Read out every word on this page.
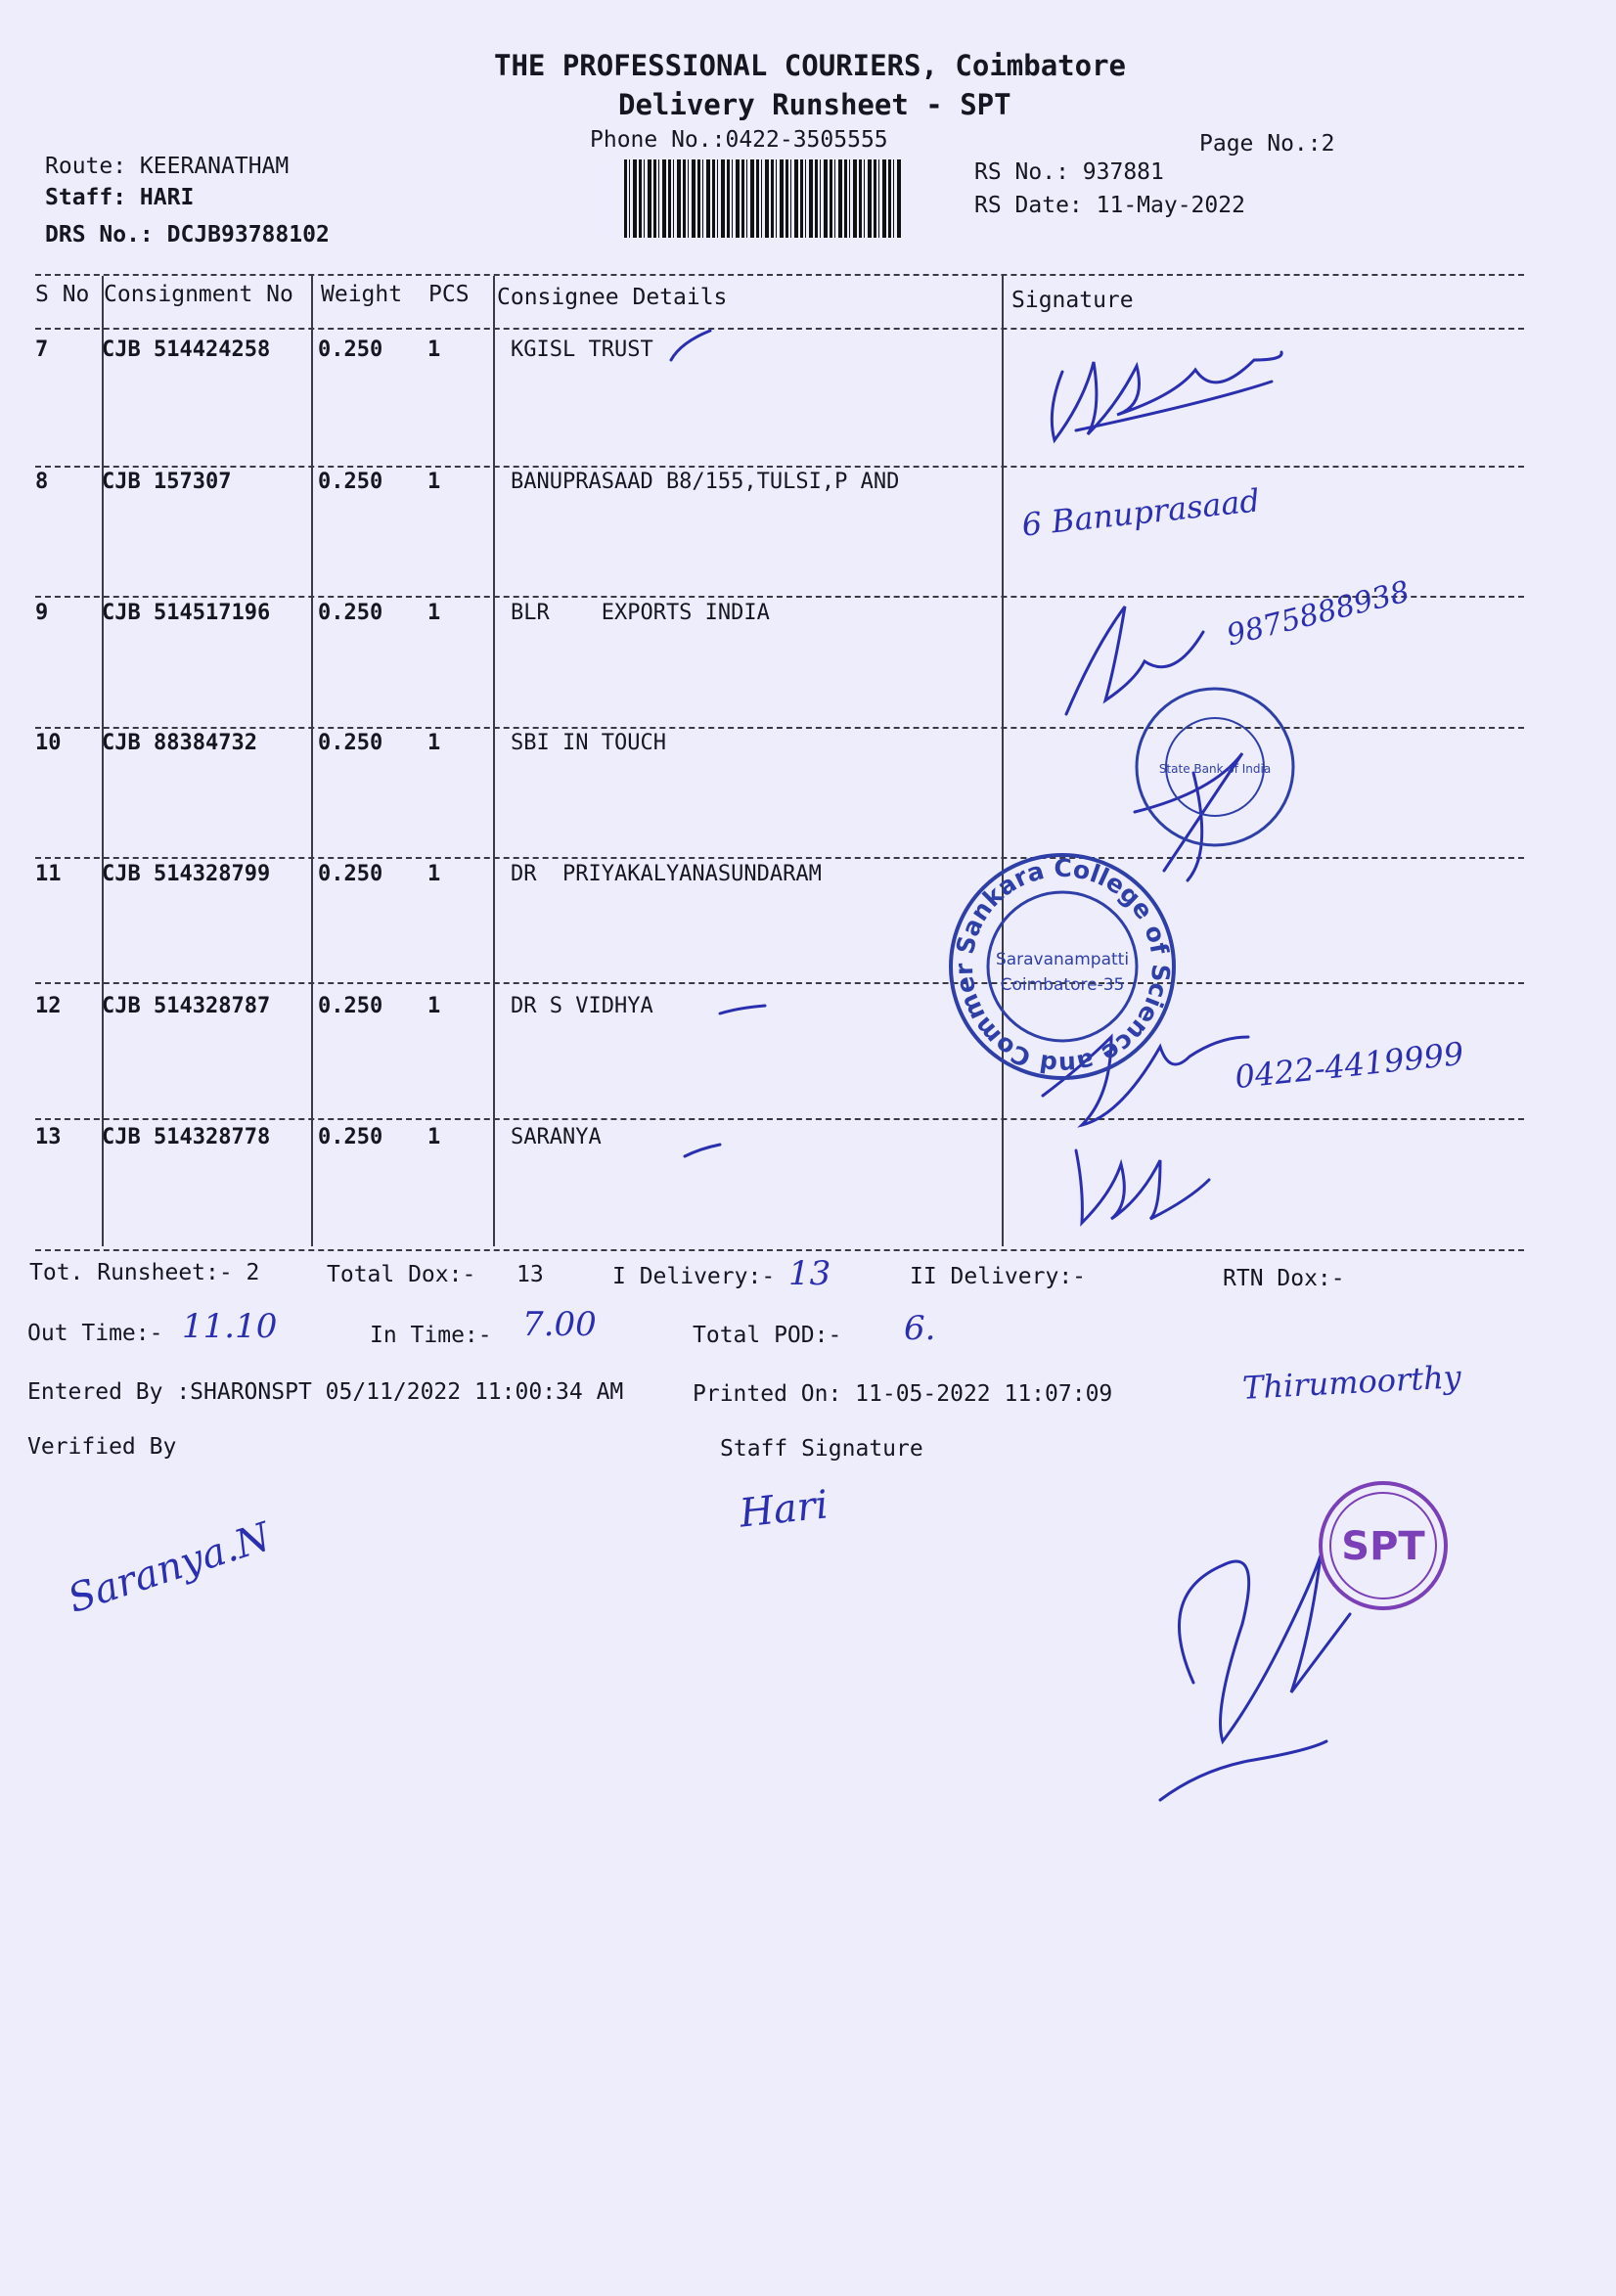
THE PROFESSIONAL COURIERS, Coimbatore
Delivery Runsheet - SPT
Phone No.:0422-3505555	Page No.:2
Route: KEERANATHAM
Staff: HARI
DRS No.: DCJB93788102
RS No.: 937881
RS Date: 11-May-2022
S No Consignment No Weight PCS Consignee Details	Signature
7 CJB 514424258 0.250 1	KGISL TRUST
8 CJB 157307	0.250 1	BANUPRASAAD B8/155,TULSI,P AND
9 CJB 514517196 0.250 1	BLR    EXPORTS INDIA
10 CJB 88384732	0.250 1	SBI IN TOUCH
11 CJB 514328799 0.250 1	DR  PRIYAKALYANASUNDARAM
12 CJB 514328787 0.250 1	DR S VIDHYA
13 CJB 514328778 0.250 1	SARANYA
6 Banuprasaad
9875888938
0422-4419999
State Bank of India
Sankara College of Science and Commerce
Saravanampatti
Coimbatore-35
Tot. Runsheet:- 2	Total Dox:- 13	I Delivery:- 13	II Delivery:-	RTN Dox:-
Out Time:- 11.10	In Time:- 7.00	Total POD:- 6.
Entered By :SHARONSPT 05/11/2022 11:00:34 AM	Printed On: 11-05-2022 11:07:09	Thirumoorthy
Verified By	Staff Signature
Saranya.N
Hari
SPT
